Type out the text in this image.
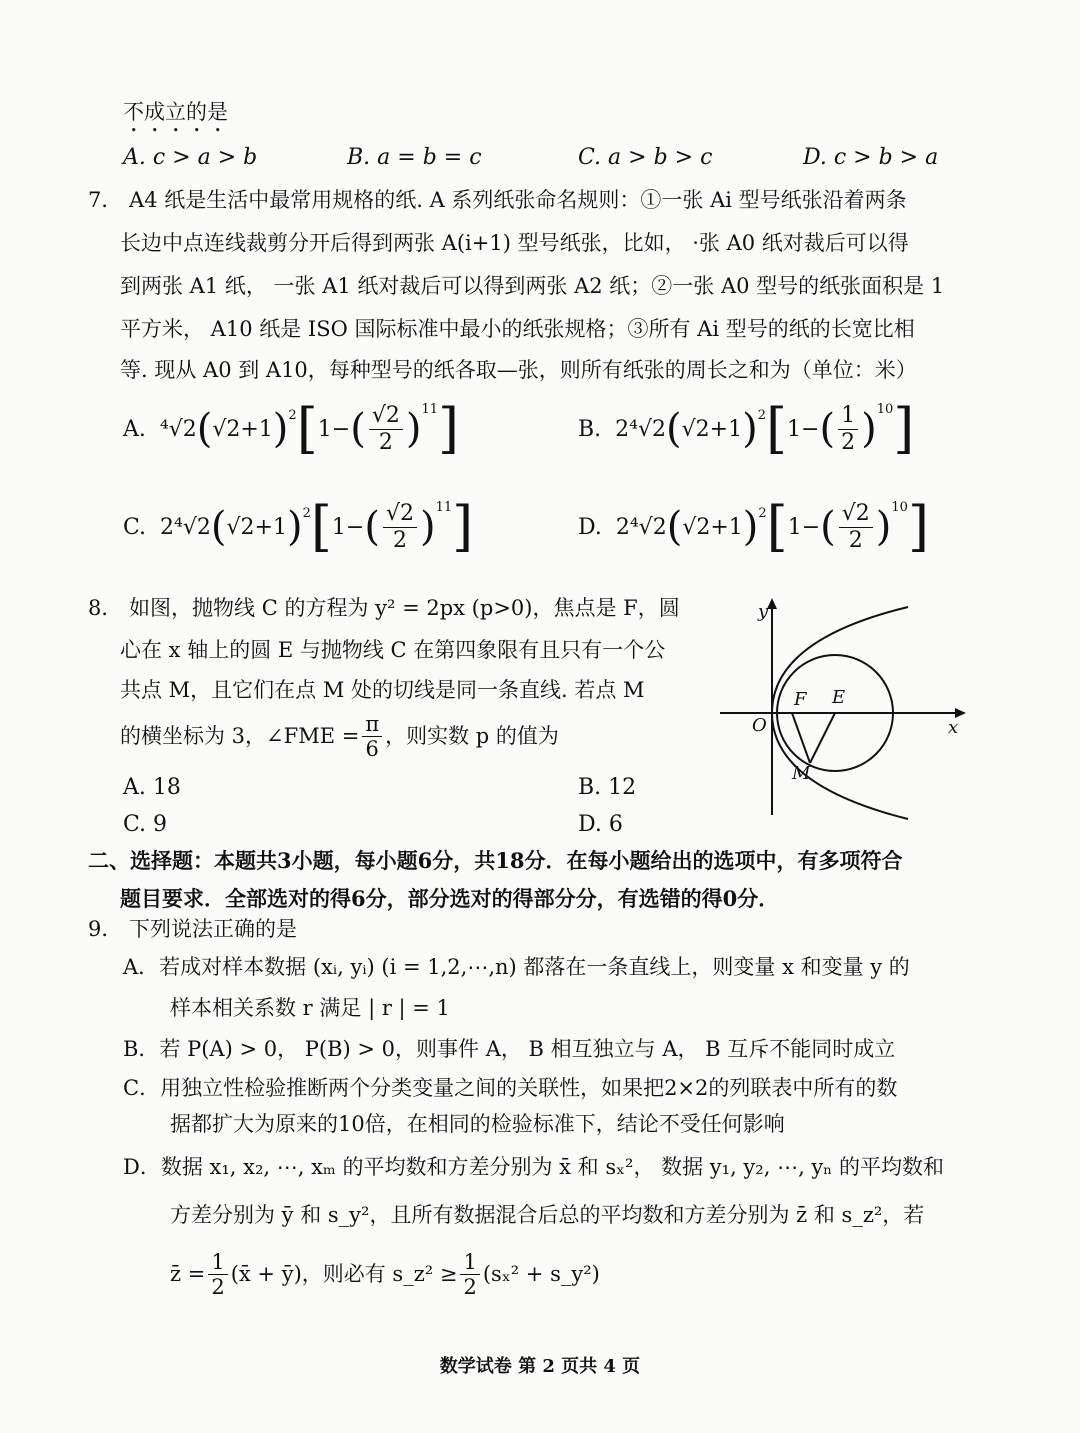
不成立的是
A. c > a > b	B. a = b = c	C. a > b > c	D. c > b > a
7． A4 纸是生活中最常用规格的纸. A 系列纸张命名规则：①一张 Ai 型号纸张沿着两条
长边中点连线裁剪分开后得到两张 A(i+1) 型号纸张，比如， ·张 A0 纸对裁后可以得
到两张 A1 纸， 一张 A1 纸对裁后可以得到两张 A2 纸；②一张 A0 型号的纸张面积是 1
平方米， A10 纸是 ISO 国际标准中最小的纸张规格；③所有 Ai 型号的纸的长宽比相
等. 现从 A0 到 A10，每种型号的纸各取—张，则所有纸张的周长之和为（单位：米）
A.
⁴√2 ( √2 +1 ) 2 [ 1− ( $\frac{√2}{2}$ ) 11 ]	B.
2⁴√2 ( √2 +1 ) 2 [ 1− ( $\frac{1}{2}$ ) 10 ]
C.
2⁴√2 ( √2 +1 ) 2 [ 1− ( $\frac{√2}{2}$ ) 11 ]	D.
2⁴√2 ( √2 +1 ) 2 [ 1− ( $\frac{√2}{2}$ ) 10 ]
8． 如图，抛物线 C 的方程为 y² = 2px (p>0)，焦点是 F，圆
心在 x 轴上的圆 E 与抛物线 C 在第四象限有且只有一个公
共点 M，且它们在点 M 处的切线是同一条直线. 若点 M
的横坐标为 3，∠FME = $\frac{\pi}{6}$ ，则实数 p 的值为
A. 18	B. 12
C. 9	D. 6
y
x
O
F E
M
二、选择题：本题共3小题，每小题6分，共18分．在每小题给出的选项中，有多项符合
题目要求．全部选对的得6分，部分选对的得部分分，有选错的得0分．
9． 下列说法正确的是
A．若成对样本数据 (xᵢ, yᵢ) (i = 1,2,⋯,n) 都落在一条直线上，则变量 x 和变量 y 的
样本相关系数 r 满足 | r | = 1
B．若 P(A) > 0， P(B) > 0，则事件 A， B 相互独立与 A， B 互斥不能同时成立
C．用独立性检验推断两个分类变量之间的关联性，如果把2×2的列联表中所有的数
据都扩大为原来的10倍，在相同的检验标准下，结论不受任何影响
D．数据 x₁, x₂, ⋯, xₘ 的平均数和方差分别为 x̄ 和 sₓ²， 数据 y₁, y₂, ⋯, yₙ 的平均数和
方差分别为 ȳ 和 s_y²，且所有数据混合后总的平均数和方差分别为 z̄ 和 s_z²，若
z̄ = $\frac{1}{2}$ (x̄ + ȳ)，则必有 s_z² ≥ $\frac{1}{2} (s_x^2$ + s_y²)
数学试卷 第 2 页共 4 页
